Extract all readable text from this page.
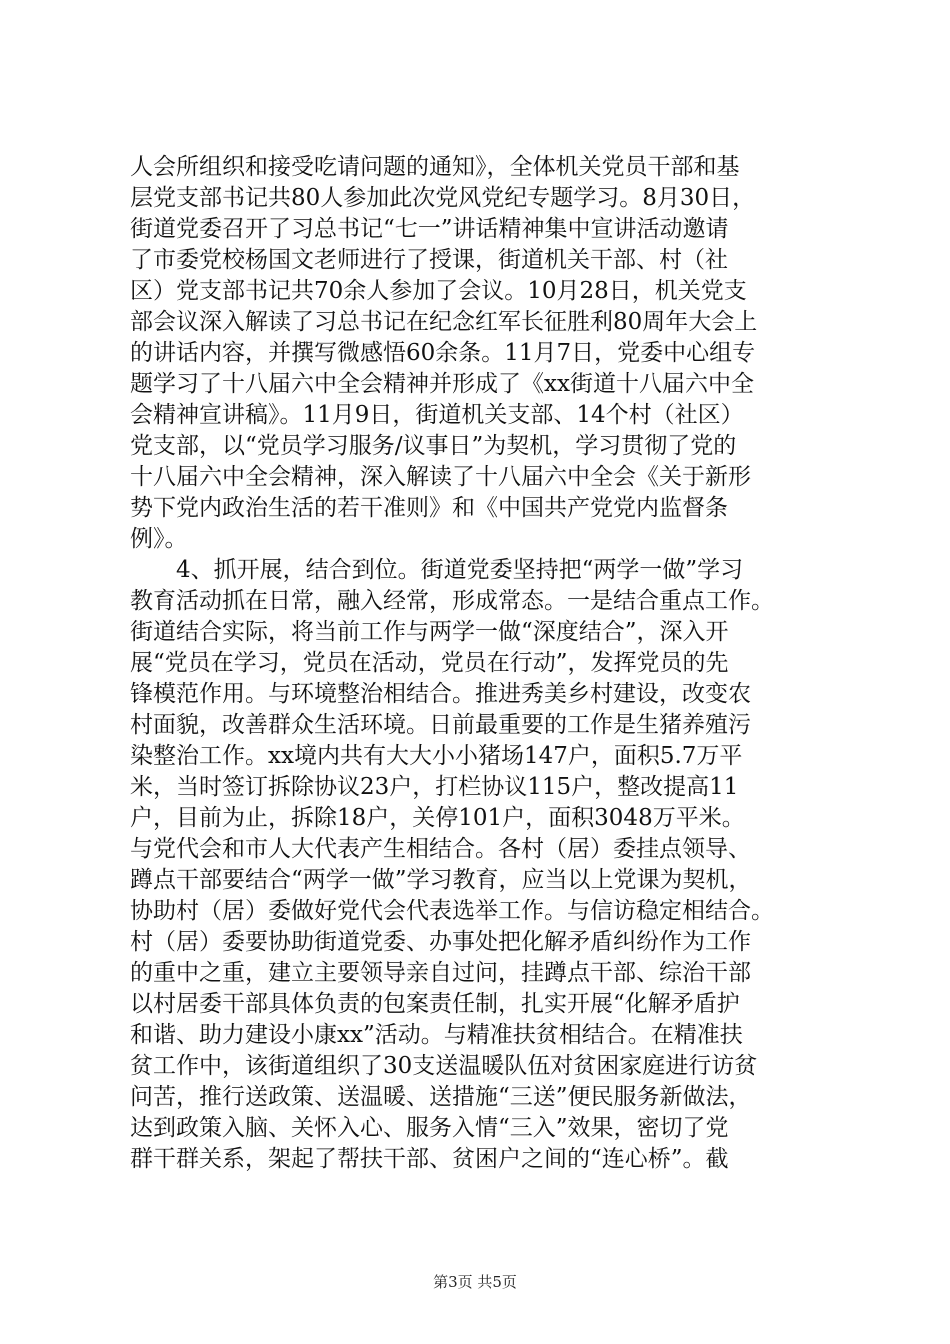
人会所组织和接受吃请问题的通知》，全体机关党员干部和基
层党支部书记共80人参加此次党风党纪专题学习。8月30日，
街道党委召开了习总书记“七一”讲话精神集中宣讲活动邀请
了市委党校杨国文老师进行了授课，街道机关干部、村（社
区）党支部书记共70余人参加了会议。10月28日，机关党支
部会议深入解读了习总书记在纪念红军长征胜利80周年大会上
的讲话内容，并撰写微感悟60余条。11月7日，党委中心组专
题学习了十八届六中全会精神并形成了《xx街道十八届六中全
会精神宣讲稿》。11月9日，街道机关支部、14个村（社区）
党支部，以“党员学习服务/议事日”为契机，学习贯彻了党的
十八届六中全会精神，深入解读了十八届六中全会《关于新形
势下党内政治生活的若干准则》和《中国共产党党内监督条
例》。
　　4、抓开展，结合到位。街道党委坚持把“两学一做”学习
教育活动抓在日常，融入经常，形成常态。一是结合重点工作。
街道结合实际，将当前工作与两学一做“深度结合”，深入开
展“党员在学习，党员在活动，党员在行动”，发挥党员的先
锋模范作用。与环境整治相结合。推进秀美乡村建设，改变农
村面貌，改善群众生活环境。日前最重要的工作是生猪养殖污
染整治工作。xx境内共有大大小小猪场147户，面积5.7万平
米，当时签订拆除协议23户，打栏协议115户，整改提高11
户，目前为止，拆除18户，关停101户，面积3048万平米。
与党代会和市人大代表产生相结合。各村（居）委挂点领导、
蹲点干部要结合“两学一做”学习教育，应当以上党课为契机，
协助村（居）委做好党代会代表选举工作。与信访稳定相结合。
村（居）委要协助街道党委、办事处把化解矛盾纠纷作为工作
的重中之重，建立主要领导亲自过问，挂蹲点干部、综治干部
以村居委干部具体负责的包案责任制，扎实开展“化解矛盾护
和谐、助力建设小康xx”活动。与精准扶贫相结合。在精准扶
贫工作中，该街道组织了30支送温暖队伍对贫困家庭进行访贫
问苦，推行送政策、送温暖、送措施“三送”便民服务新做法，
达到政策入脑、关怀入心、服务入情“三入”效果，密切了党
群干群关系，架起了帮扶干部、贫困户之间的“连心桥”。截
第3页 共5页
